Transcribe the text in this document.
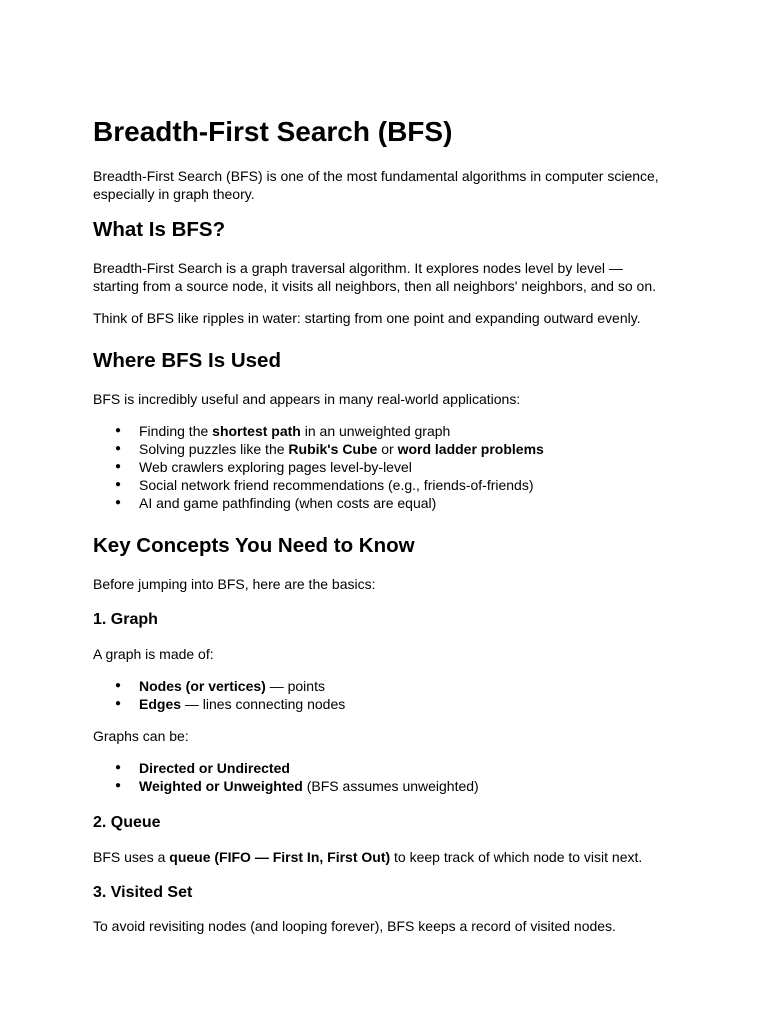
Breadth-First Search (BFS)

Breadth-First Search (BFS) is one of the most fundamental algorithms in computer science,
especially in graph theory.

What Is BFS?

Breadth-First Search is a graph traversal algorithm. It explores nodes level by level —
starting from a source node, it visits all neighbors, then all neighbors' neighbors, and so on.

Think of BFS like ripples in water: starting from one point and expanding outward evenly.

Where BFS Is Used

BFS is incredibly useful and appears in many real-world applications:

● Finding the shortest path in an unweighted graph
● Solving puzzles like the Rubik's Cube or word ladder problems
● Web crawlers exploring pages level-by-level
● Social network friend recommendations (e.g., friends-of-friends)
● AI and game pathfinding (when costs are equal)
Key Concepts You Need to Know

Before jumping into BFS, here are the basics:

1. Graph

A graph is made of:

● Nodes (or vertices) — points
● Edges — lines connecting nodes

Graphs can be:

● Directed or Undirected
● Weighted or Unweighted (BFS assumes unweighted)
2. Queue

BFS uses a queue (FIFO — First In, First Out) to keep track of which node to visit next.

3. Visited Set

To avoid revisiting nodes (and looping forever), BFS keeps a record of visited nodes.
